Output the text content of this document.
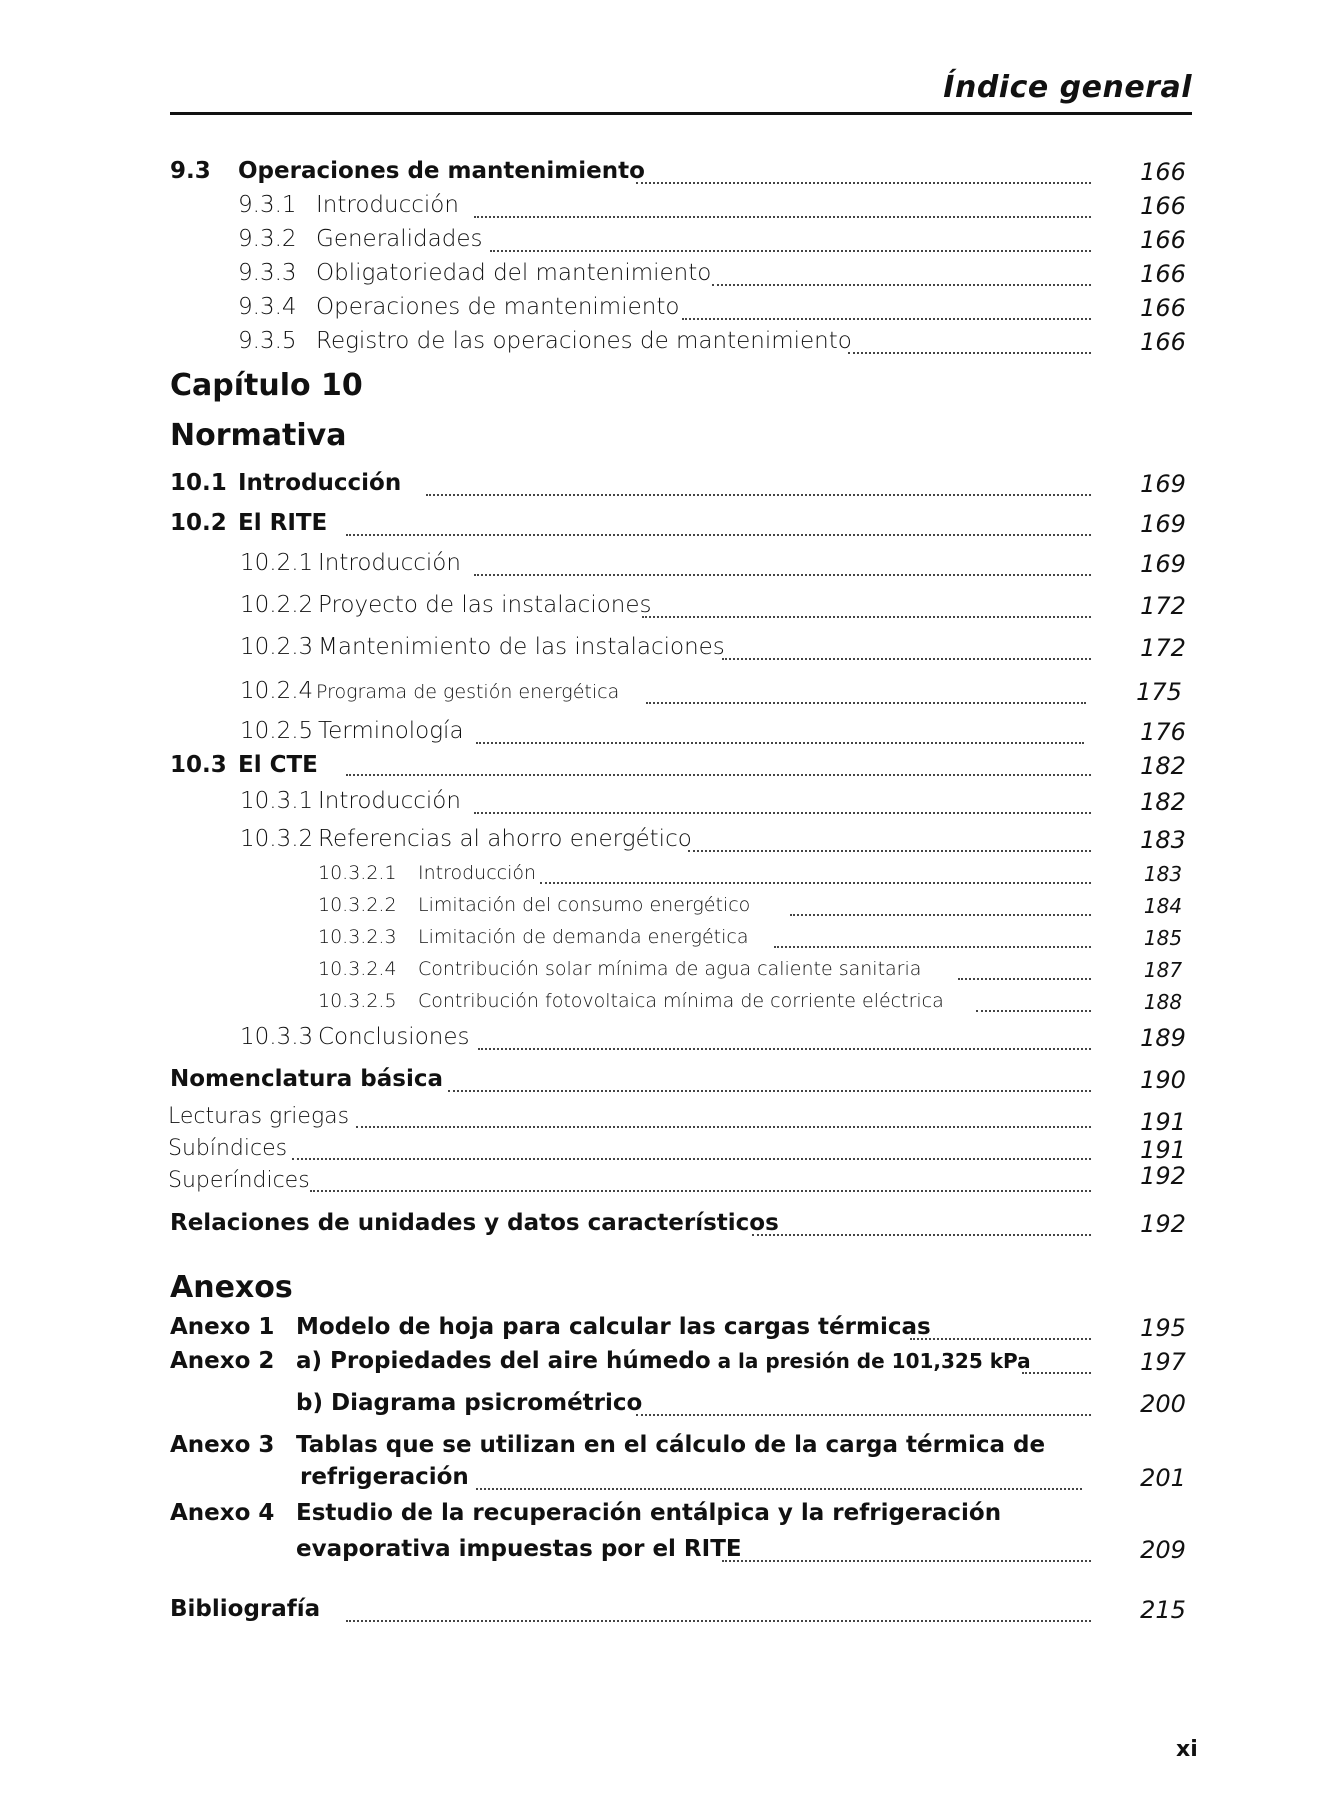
Índice general
9.3 Operaciones de mantenimiento	166
9.3.1 Introducción	166
9.3.2 Generalidades	166
9.3.3 Obligatoriedad del mantenimiento	166
9.3.4 Operaciones de mantenimiento	166
9.3.5 Registro de las operaciones de mantenimiento	166
Capítulo 10
Normativa
10.1 Introducción	169
10.2 El RITE	169
10.2.1 Introducción	169
10.2.2 Proyecto de las instalaciones	172
10.2.3 Mantenimiento de las instalaciones	172
10.2.4 Programa de gestión energética	175
10.2.5 Terminología	176
10.3 El CTE	182
10.3.1 Introducción	182
10.3.2 Referencias al ahorro energético	183
10.3.2.1 Introducción	183
10.3.2.2 Limitación del consumo energético	184
10.3.2.3 Limitación de demanda energética	185
10.3.2.4 Contribución solar mínima de agua caliente sanitaria	187
10.3.2.5 Contribución fotovoltaica mínima de corriente eléctrica	188
10.3.3 Conclusiones	189
Nomenclatura básica	190
Lecturas griegas	191
Subíndices	191
Superíndices	192
Relaciones de unidades y datos característicos	192
Anexos
Anexo 1 Modelo de hoja para calcular las cargas térmicas	195
Anexo 2 a) Propiedades del aire húmedo a la presión de 101,325 kPa	197
b) Diagrama psicrométrico	200
Anexo 3 Tablas que se utilizan en el cálculo de la carga térmica de
refrigeración	201
Anexo 4 Estudio de la recuperación entálpica y la refrigeración
evaporativa impuestas por el RITE	209
Bibliografía	215
xi
